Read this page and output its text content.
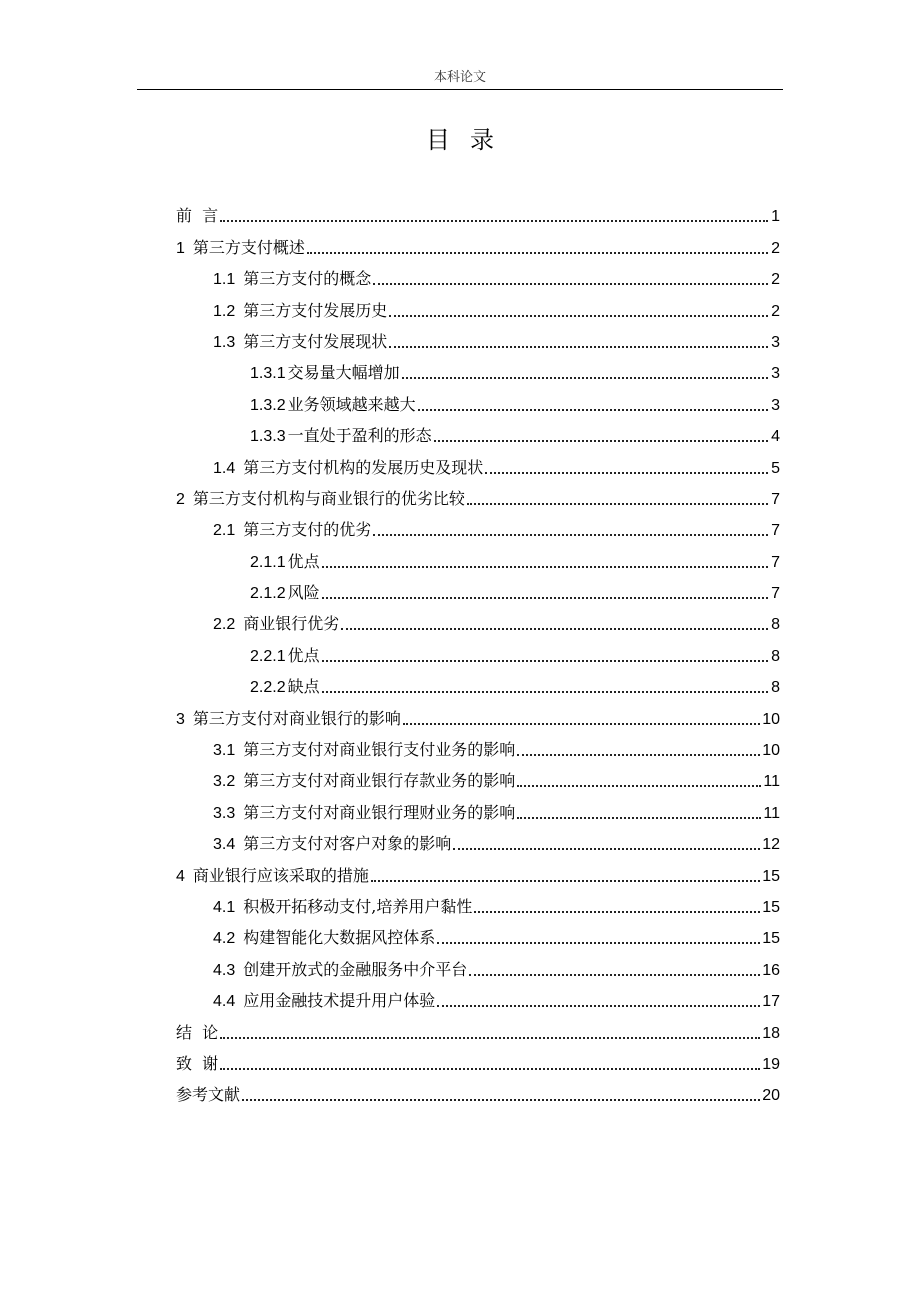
本科论文
目录
前  言	1
1 第三方支付概述	2
1.1 第三方支付的概念	2
1.2 第三方支付发展历史	2
1.3 第三方支付发展现状	3
1.3.1 交易量大幅增加	3
1.3.2 业务领域越来越大	3
1.3.3 一直处于盈利的形态	4
1.4 第三方支付机构的发展历史及现状	5
2 第三方支付机构与商业银行的优劣比较	7
2.1 第三方支付的优劣	7
2.1.1 优点	7
2.1.2 风险	7
2.2 商业银行优劣	8
2.2.1 优点	8
2.2.2 缺点	8
3 第三方支付对商业银行的影响	10
3.1 第三方支付对商业银行支付业务的影响	10
3.2 第三方支付对商业银行存款业务的影响	11
3.3 第三方支付对商业银行理财业务的影响	11
3.4 第三方支付对客户对象的影响	12
4 商业银行应该采取的措施	15
4.1 积极开拓移动支付,培养用户黏性	15
4.2 构建智能化大数据风控体系	15
4.3 创建开放式的金融服务中介平台	16
4.4 应用金融技术提升用户体验	17
结  论	18
致  谢	19
参考文献	20
